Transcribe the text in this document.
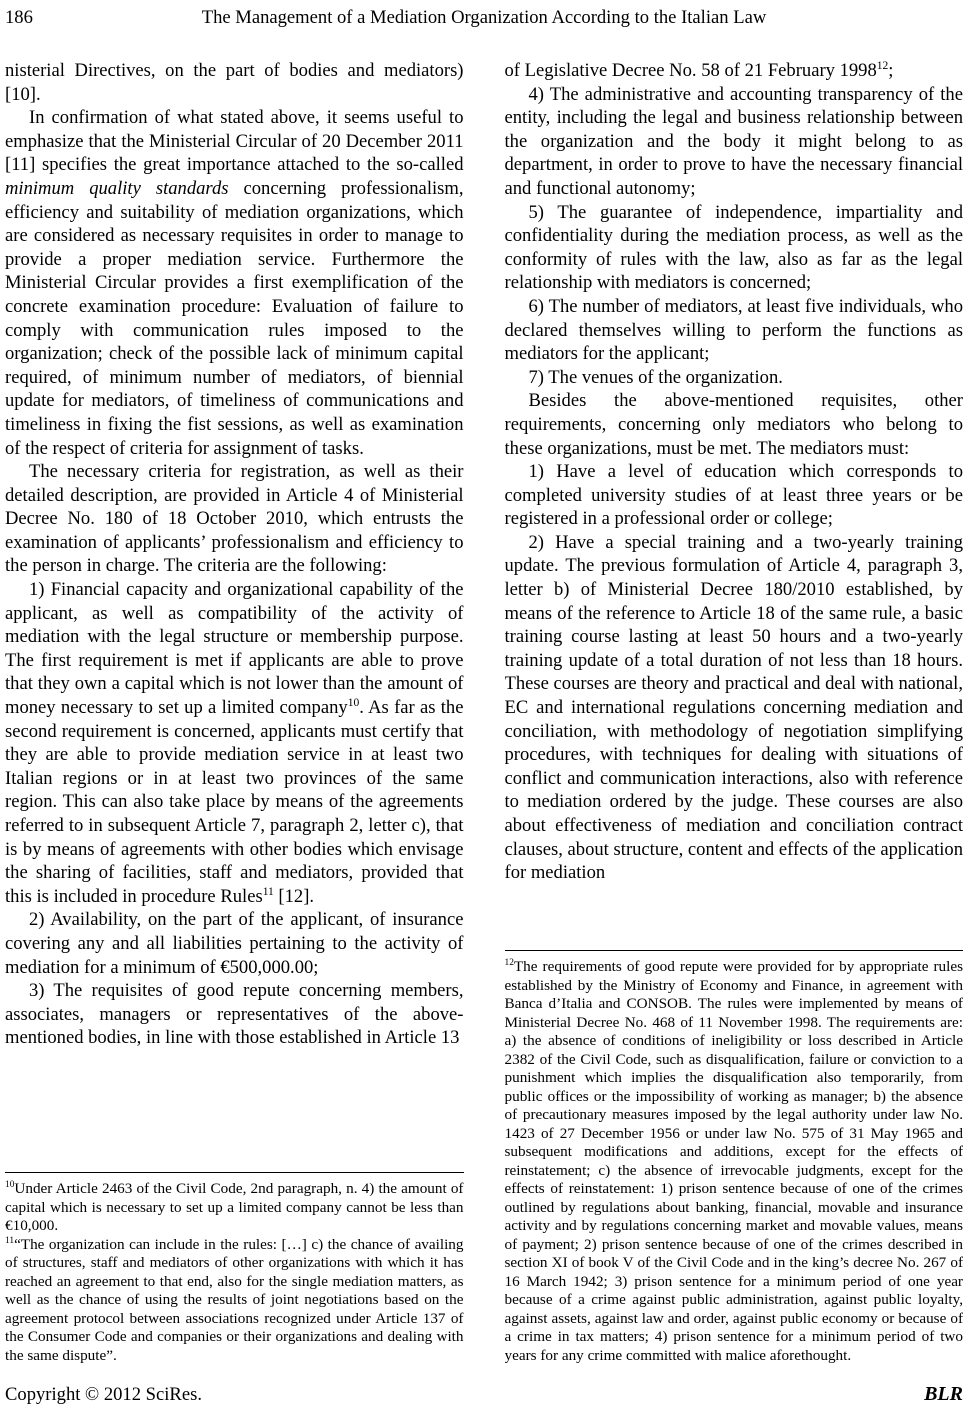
186	The Management of a Mediation Organization According to the Italian Law

nisterial Directives, on the part of bodies and mediators) [10].

In confirmation of what stated above, it seems useful to emphasize that the Ministerial Circular of 20 December 2011 [11] specifies the great importance attached to the so-called minimum quality standards concerning professionalism, efficiency and suitability of mediation organizations, which are considered as necessary requisites in order to manage to provide a proper mediation service. Furthermore the Ministerial Circular provides a first exemplification of the concrete examination procedure: Evaluation of failure to comply with communication rules imposed to the organization; check of the possible lack of minimum capital required, of minimum number of mediators, of biennial update for mediators, of timeliness of communications and timeliness in fixing the fist sessions, as well as examination of the respect of criteria for assignment of tasks.

The necessary criteria for registration, as well as their detailed description, are provided in Article 4 of Ministerial Decree No. 180 of 18 October 2010, which entrusts the examination of applicants’ professionalism and efficiency to the person in charge. The criteria are the following:

1) Financial capacity and organizational capability of the applicant, as well as compatibility of the activity of mediation with the legal structure or membership purpose. The first requirement is met if applicants are able to prove that they own a capital which is not lower than the amount of money necessary to set up a limited company$^{10}$. As far as the second requirement is concerned, applicants must certify that they are able to provide mediation service in at least two Italian regions or in at least two provinces of the same region. This can also take place by means of the agreements referred to in subsequent Article 7, paragraph 2, letter c), that is by means of agreements with other bodies which envisage the sharing of facilities, staff and mediators, provided that this is included in procedure Rules$^{11}$ [12].

2) Availability, on the part of the applicant, of insurance covering any and all liabilities pertaining to the activity of mediation for a minimum of €500,000.00;

3) The requisites of good repute concerning members, associates, managers or representatives of the above-mentioned bodies, in line with those established in Article 13

$^{10}$Under Article 2463 of the Civil Code, 2nd paragraph, n. 4) the amount of capital which is necessary to set up a limited company cannot be less than €10,000.

$^{11}$“The organization can include in the rules: […] c) the chance of availing of structures, staff and mediators of other organizations with which it has reached an agreement to that end, also for the single mediation matters, as well as the chance of using the results of joint negotiations based on the agreement protocol between associations recognized under Article 137 of the Consumer Code and companies or their organizations and dealing with the same dispute”.

of Legislative Decree No. 58 of 21 February 1998$^{12}$;

4) The administrative and accounting transparency of the entity, including the legal and business relationship between the organization and the body it might belong to as department, in order to prove to have the necessary financial and functional autonomy;

5) The guarantee of independence, impartiality and confidentiality during the mediation process, as well as the conformity of rules with the law, also as far as the legal relationship with mediators is concerned;

6) The number of mediators, at least five individuals, who declared themselves willing to perform the functions as mediators for the applicant;

7) The venues of the organization.

Besides the above-mentioned requisites, other requirements, concerning only mediators who belong to these organizations, must be met. The mediators must:

1) Have a level of education which corresponds to completed university studies of at least three years or be registered in a professional order or college;

2) Have a special training and a two-yearly training update. The previous formulation of Article 4, paragraph 3, letter b) of Ministerial Decree 180/2010 established, by means of the reference to Article 18 of the same rule, a basic training course lasting at least 50 hours and a two-yearly training update of a total duration of not less than 18 hours. These courses are theory and practical and deal with national, EC and international regulations concerning mediation and conciliation, with methodology of negotiation simplifying procedures, with techniques for dealing with situations of conflict and communication interactions, also with reference to mediation ordered by the judge. These courses are also about effectiveness of mediation and conciliation contract clauses, about structure, content and effects of the application for mediation

$^{12}$The requirements of good repute were provided for by appropriate rules established by the Ministry of Economy and Finance, in agreement with Banca d’Italia and CONSOB. The rules were implemented by means of Ministerial Decree No. 468 of 11 November 1998. The requirements are: a) the absence of conditions of ineligibility or loss described in Article 2382 of the Civil Code, such as disqualification, failure or conviction to a punishment which implies the disqualification also temporarily, from public offices or the impossibility of working as manager; b) the absence of precautionary measures imposed by the legal authority under law No. 1423 of 27 December 1956 or under law No. 575 of 31 May 1965 and subsequent modifications and additions, except for the effects of reinstatement; c) the absence of irrevocable judgments, except for the effects of reinstatement: 1) prison sentence because of one of the crimes outlined by regulations about banking, financial, movable and insurance activity and by regulations concerning market and movable values, means of payment; 2) prison sentence because of one of the crimes described in section XI of book V of the Civil Code and in the king’s decree No. 267 of 16 March 1942; 3) prison sentence for a minimum period of one year because of a crime against public administration, against public loyalty, against assets, against law and order, against public economy or because of a crime in tax matters; 4) prison sentence for a minimum period of two years for any crime committed with malice aforethought.

Copyright © 2012 SciRes.	BLR
